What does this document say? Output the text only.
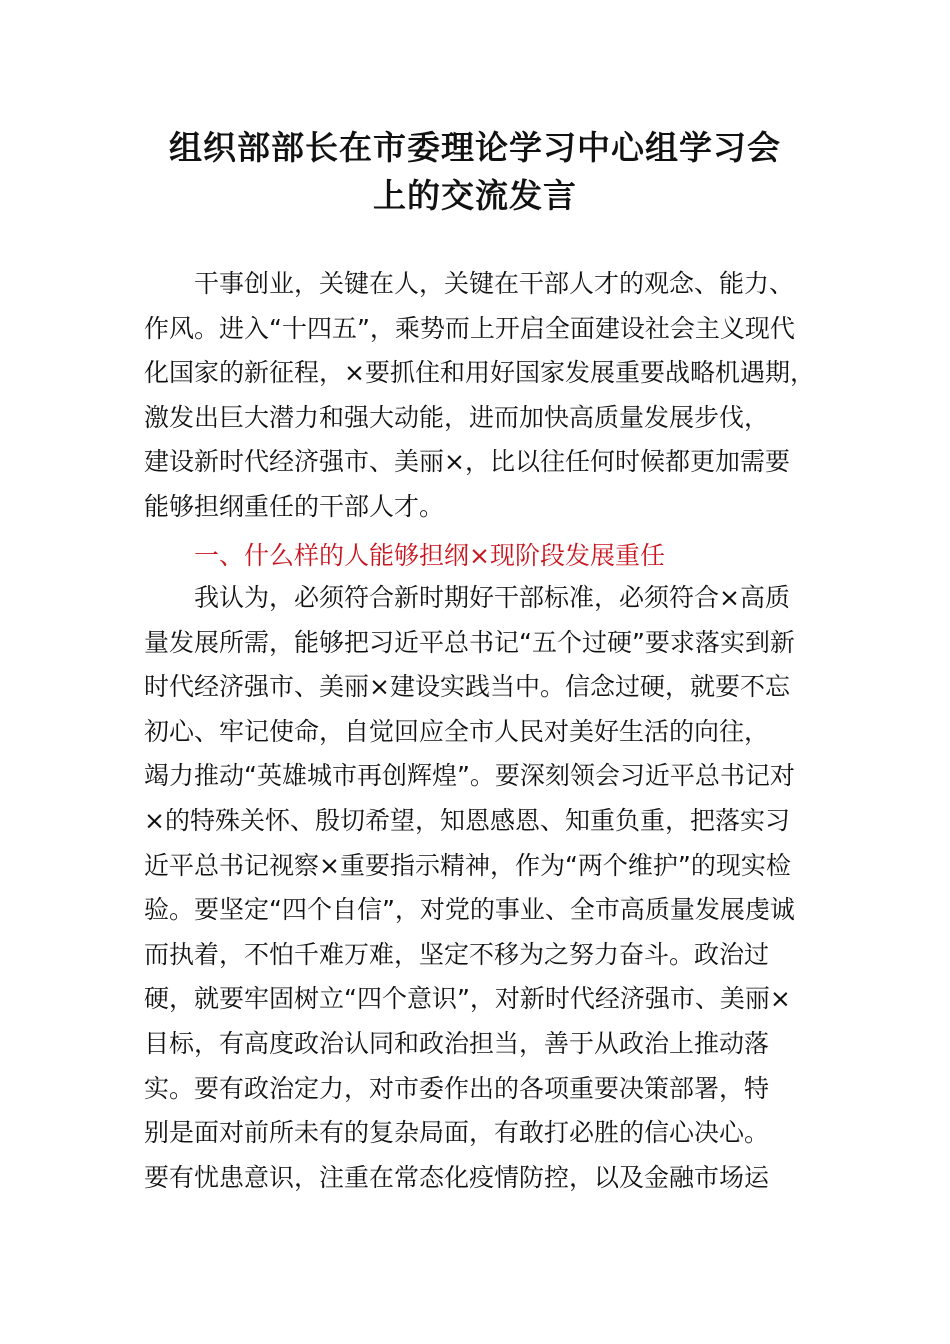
组织部部长在市委理论学习中心组学习会
上的交流发言
干事创业，关键在人，关键在干部人才的观念、能力、
作风。进入“十四五”，乘势而上开启全面建设社会主义现代
化国家的新征程，×要抓住和用好国家发展重要战略机遇期，
激发出巨大潜力和强大动能，进而加快高质量发展步伐，
建设新时代经济强市、美丽×，比以往任何时候都更加需要
能够担纲重任的干部人才。
一、什么样的人能够担纲×现阶段发展重任
我认为，必须符合新时期好干部标准，必须符合×高质
量发展所需，能够把习近平总书记“五个过硬”要求落实到新
时代经济强市、美丽×建设实践当中。信念过硬，就要不忘
初心、牢记使命，自觉回应全市人民对美好生活的向往，
竭力推动“英雄城市再创辉煌”。要深刻领会习近平总书记对
×的特殊关怀、殷切希望，知恩感恩、知重负重，把落实习
近平总书记视察×重要指示精神，作为“两个维护”的现实检
验。要坚定“四个自信”，对党的事业、全市高质量发展虔诚
而执着，不怕千难万难，坚定不移为之努力奋斗。政治过
硬，就要牢固树立“四个意识”，对新时代经济强市、美丽×
目标，有高度政治认同和政治担当，善于从政治上推动落
实。要有政治定力，对市委作出的各项重要决策部署，特
别是面对前所未有的复杂局面，有敢打必胜的信心决心。
要有忧患意识，注重在常态化疫情防控，以及金融市场运
